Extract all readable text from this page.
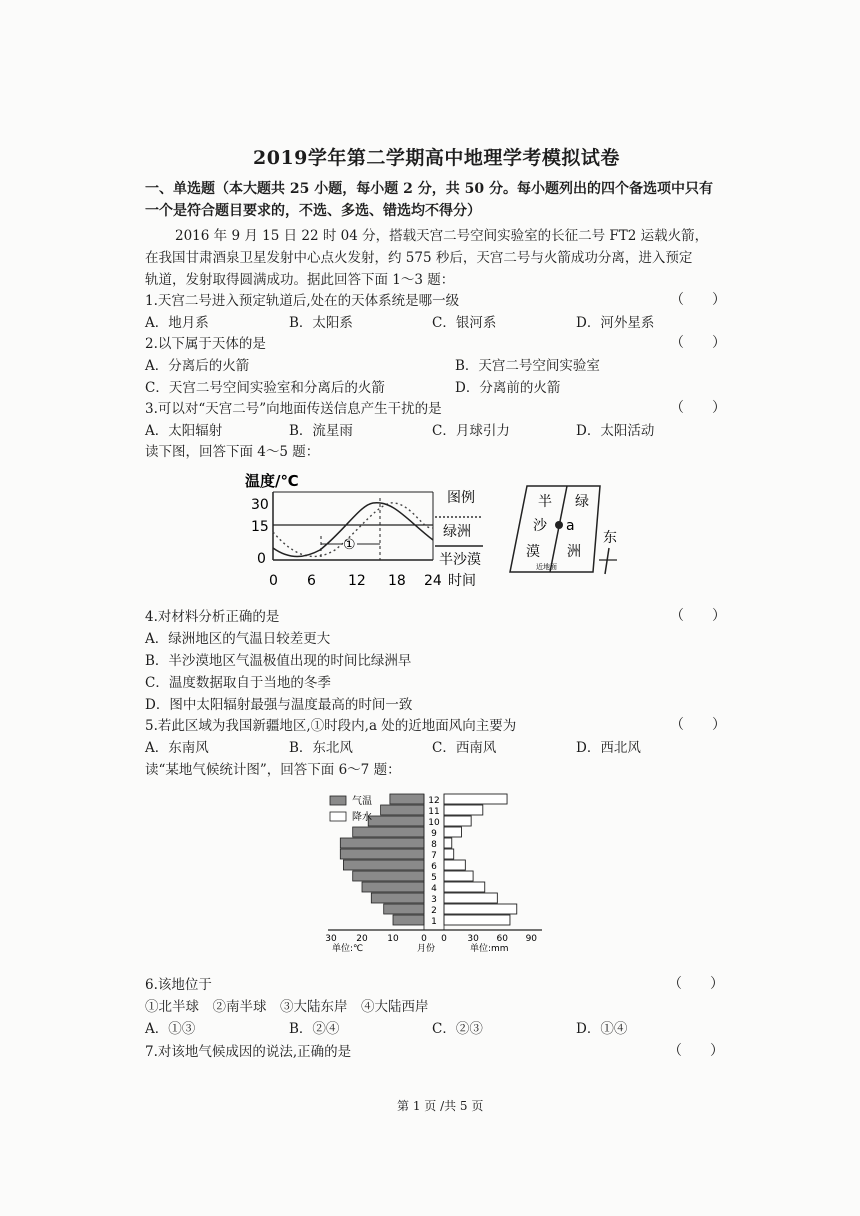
2019学年第二学期高中地理学考模拟试卷
一、单选题（本大题共 25 小题，每小题 2 分，共 50 分。每小题列出的四个备选项中只有
一个是符合题目要求的，不选、多选、错选均不得分）
2016 年 9 月 15 日 22 时 04 分，搭载天宫二号空间实验室的长征二号 FT2 运载火箭，
在我国甘肃酒泉卫星发射中心点火发射，约 575 秒后，天宫二号与火箭成功分离，进入预定
轨道，发射取得圆满成功。据此回答下面 1～3 题：
1.天宫二号进入预定轨道后,处在的天体系统是哪一级	（　　）
A．地月系	B．太阳系	C．银河系	D．河外星系
2.以下属于天体的是	（　　）
A．分离后的火箭	B．天宫二号空间实验室
C．天宫二号空间实验室和分离后的火箭	D．分离前的火箭
3.可以对“天宫二号”向地面传送信息产生干扰的是	（　　）
A．太阳辐射	B．流星雨	C．月球引力	D．太阳活动
读下图，回答下面 4～5 题：
温度/℃
30
15
0
①
0 6 12 18 24 时间
图例
绿洲
半沙漠
半 绿
沙 a
漠 洲
近地面
东
4.对材料分析正确的是	（　　）
A．绿洲地区的气温日较差更大
B．半沙漠地区气温极值出现的时间比绿洲早
C．温度数据取自于当地的冬季
D．图中太阳辐射最强与温度最高的时间一致
5.若此区域为我国新疆地区,①时段内,a 处的近地面风向主要为	（　　）
A．东南风	B．东北风	C．西南风	D．西北风
读“某地气候统计图”，回答下面 6～7 题：
12
11
10
9
8
7
6
5
4
3
2
1
30 20 10 0 0 30 60 90
单位:℃	月份	单位:mm
气温
降水
6.该地位于	（　　）
①北半球　②南半球　③大陆东岸　④大陆西岸
A．①③	B．②④	C．②③	D．①④
7.对该地气候成因的说法,正确的是	（　　）
第 1 页 /共 5 页
